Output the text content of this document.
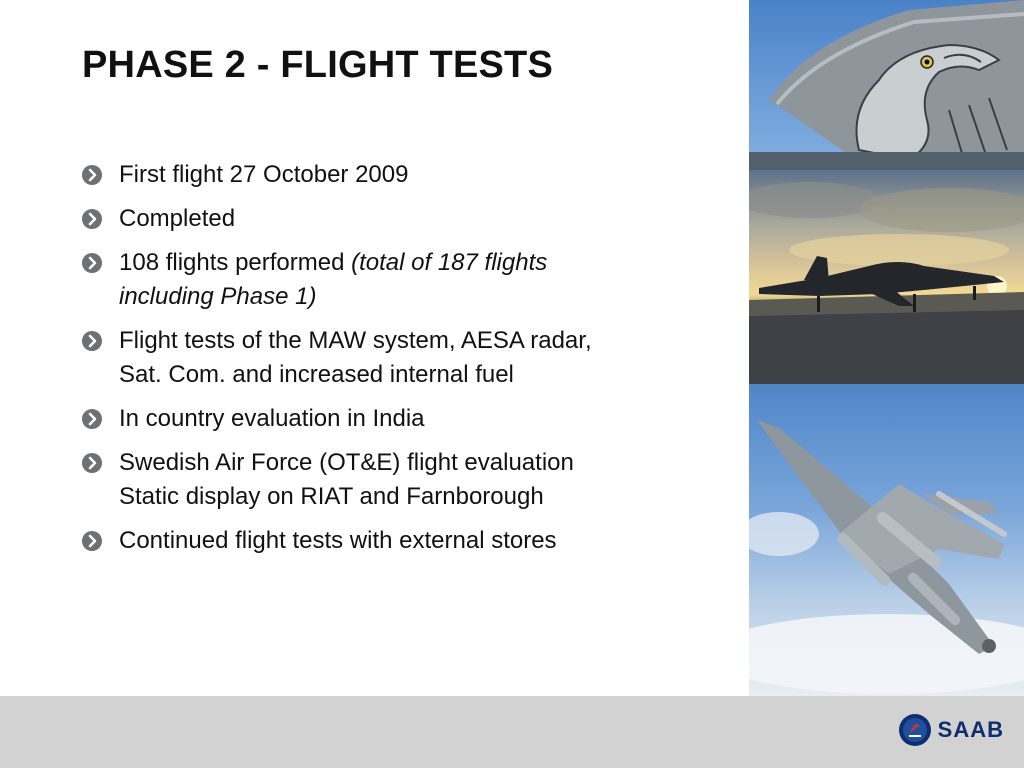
PHASE 2 - FLIGHT TESTS
First flight 27 October 2009
Completed
108 flights performed (total of 187 flights
including Phase 1)
Flight tests of the MAW system, AESA radar,
Sat. Com. and increased internal fuel
In country evaluation in India
Swedish Air Force (OT&E) flight evaluation
Static display on RIAT and Farnborough
Continued flight tests with external stores
SAAB
